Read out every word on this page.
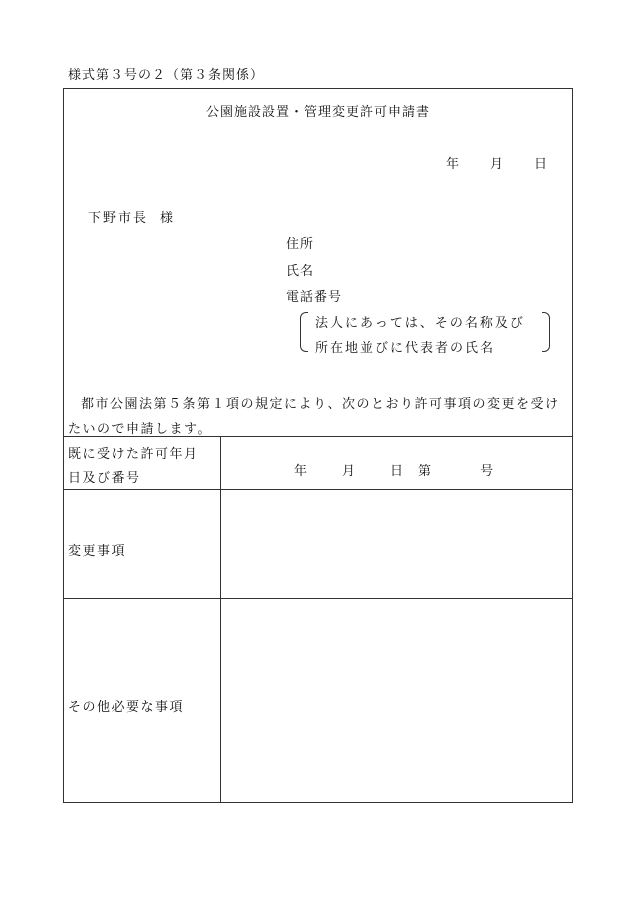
様式第３号の２（第３条関係）
公園施設設置・管理変更許可申請書
年 月 日
下野市長 様
住所
氏名
電話番号
法人にあっては、その名称及び
所在地並びに代表者の氏名
都市公園法第５条第１項の規定により、次のとおり許可事項の変更を受けたいので申請します。
既に受けた許可年月
日及び番号	年	月	日 第	号
変更事項
その他必要な事項
